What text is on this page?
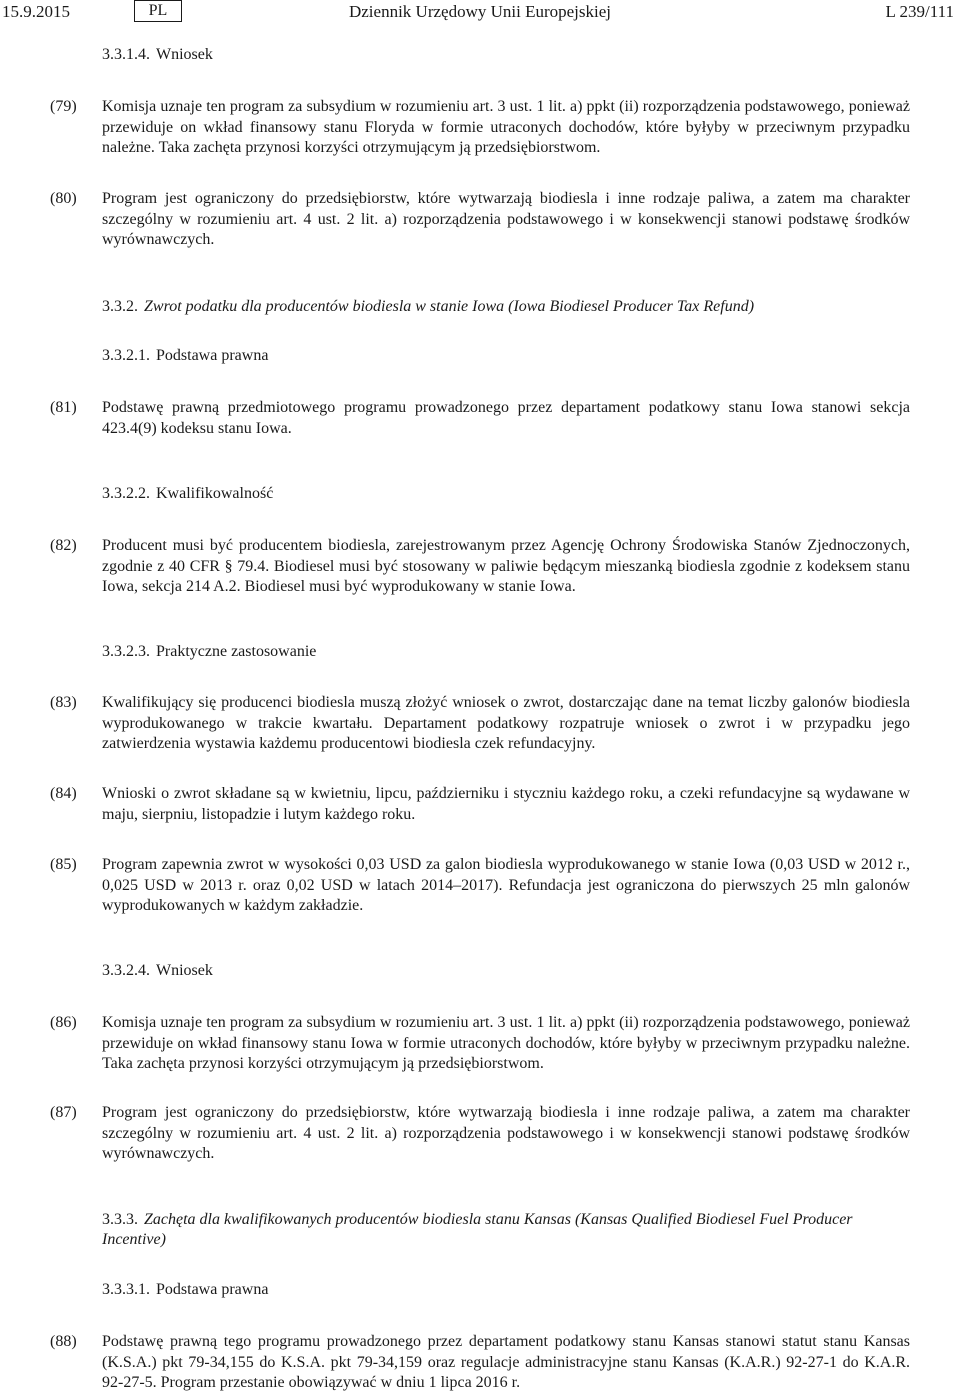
15.9.2015	PL	Dziennik Urzędowy Unii Europejskiej	L 239/111
3.3.1.4. Wniosek
(79) Komisja uznaje ten program za subsydium w rozumieniu art. 3 ust. 1 lit. a) ppkt (ii) rozporządzenia podstawowego, ponieważ przewiduje on wkład finansowy stanu Floryda w formie utraconych dochodów, które byłyby w przeciwnym przypadku należne. Taka zachęta przynosi korzyści otrzymującym ją przedsiębiorstwom.
(80) Program jest ograniczony do przedsiębiorstw, które wytwarzają biodiesla i inne rodzaje paliwa, a zatem ma charakter szczególny w rozumieniu art. 4 ust. 2 lit. a) rozporządzenia podstawowego i w konsekwencji stanowi podstawę środków wyrównawczych.
3.3.2. Zwrot podatku dla producentów biodiesla w stanie Iowa (Iowa Biodiesel Producer Tax Refund)
3.3.2.1. Podstawa prawna
(81) Podstawę prawną przedmiotowego programu prowadzonego przez departament podatkowy stanu Iowa stanowi sekcja 423.4(9) kodeksu stanu Iowa.
3.3.2.2. Kwalifikowalność
(82) Producent musi być producentem biodiesla, zarejestrowanym przez Agencję Ochrony Środowiska Stanów Zjednoczonych, zgodnie z 40 CFR § 79.4. Biodiesel musi być stosowany w paliwie będącym mieszanką biodiesla zgodnie z kodeksem stanu Iowa, sekcja 214 A.2. Biodiesel musi być wyprodukowany w stanie Iowa.
3.3.2.3. Praktyczne zastosowanie
(83) Kwalifikujący się producenci biodiesla muszą złożyć wniosek o zwrot, dostarczając dane na temat liczby galonów biodiesla wyprodukowanego w trakcie kwartału. Departament podatkowy rozpatruje wniosek o zwrot i w przypadku jego zatwierdzenia wystawia każdemu producentowi biodiesla czek refundacyjny.
(84) Wnioski o zwrot składane są w kwietniu, lipcu, październiku i styczniu każdego roku, a czeki refundacyjne są wydawane w maju, sierpniu, listopadzie i lutym każdego roku.
(85) Program zapewnia zwrot w wysokości 0,03 USD za galon biodiesla wyprodukowanego w stanie Iowa (0,03 USD w 2012 r., 0,025 USD w 2013 r. oraz 0,02 USD w latach 2014–2017). Refundacja jest ograniczona do pierwszych 25 mln galonów wyprodukowanych w każdym zakładzie.
3.3.2.4. Wniosek
(86) Komisja uznaje ten program za subsydium w rozumieniu art. 3 ust. 1 lit. a) ppkt (ii) rozporządzenia podstawowego, ponieważ przewiduje on wkład finansowy stanu Iowa w formie utraconych dochodów, które byłyby w przeciwnym przypadku należne. Taka zachęta przynosi korzyści otrzymującym ją przedsiębiorstwom.
(87) Program jest ograniczony do przedsiębiorstw, które wytwarzają biodiesla i inne rodzaje paliwa, a zatem ma charakter szczególny w rozumieniu art. 4 ust. 2 lit. a) rozporządzenia podstawowego i w konsekwencji stanowi podstawę środków wyrównawczych.
3.3.3. Zachęta dla kwalifikowanych producentów biodiesla stanu Kansas (Kansas Qualified Biodiesel Fuel Producer Incentive)
3.3.3.1. Podstawa prawna
(88) Podstawę prawną tego programu prowadzonego przez departament podatkowy stanu Kansas stanowi statut stanu Kansas (K.S.A.) pkt 79-34,155 do K.S.A. pkt 79-34,159 oraz regulacje administracyjne stanu Kansas (K.A.R.) 92-27-1 do K.A.R. 92-27-5. Program przestanie obowiązywać w dniu 1 lipca 2016 r.
